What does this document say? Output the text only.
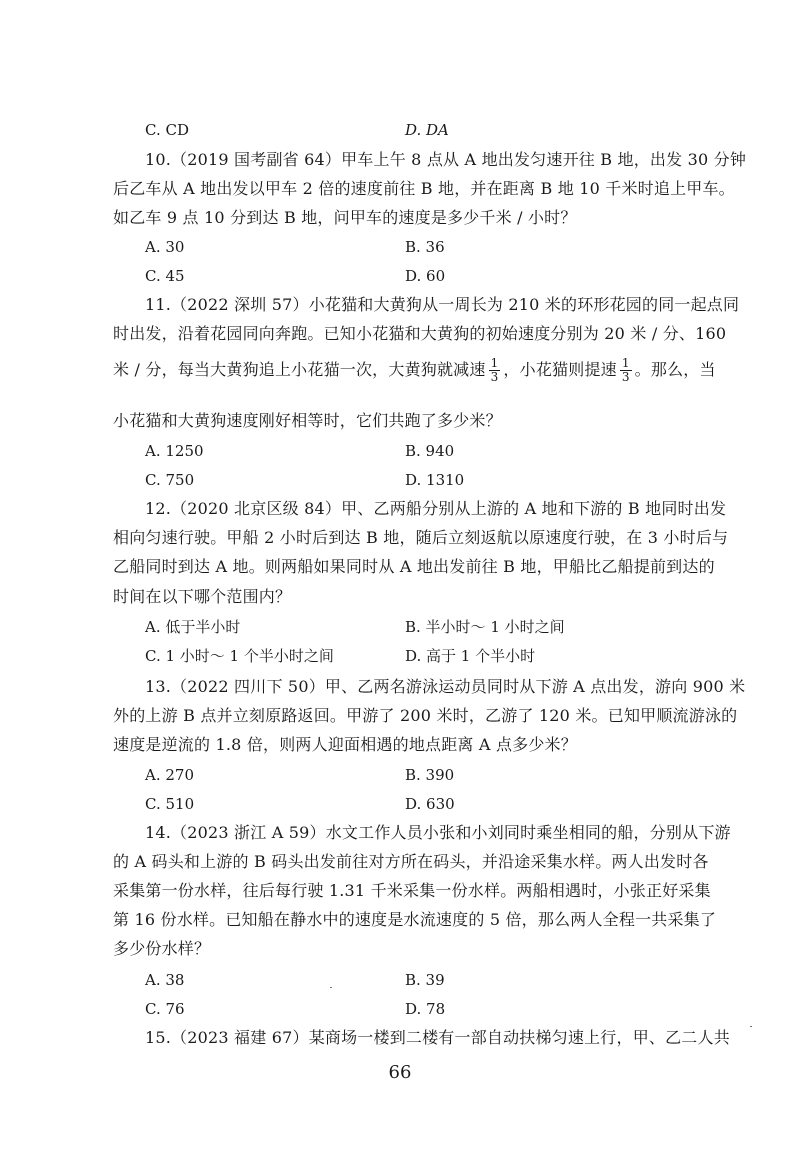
C. CD	D. DA
10.（2019 国考副省 64）甲车上午 8 点从 A 地出发匀速开往 B 地，出发 30 分钟
后乙车从 A 地出发以甲车 2 倍的速度前往 B 地，并在距离 B 地 10 千米时追上甲车。
如乙车 9 点 10 分到达 B 地，问甲车的速度是多少千米 / 小时？
A. 30	B. 36
C. 45	D. 60
11.（2022 深圳 57）小花猫和大黄狗从一周长为 210 米的环形花园的同一起点同
时出发，沿着花园同向奔跑。已知小花猫和大黄狗的初始速度分别为 20 米 / 分、160
米 / 分，每当大黄狗追上小花猫一次，大黄狗就减速 $\frac{1}{3}$ ，小花猫则提速 $\frac{1}{3}$ 。那么，当
小花猫和大黄狗速度刚好相等时，它们共跑了多少米？
A. 1250	B. 940
C. 750	D. 1310
12.（2020 北京区级 84）甲、乙两船分别从上游的 A 地和下游的 B 地同时出发
相向匀速行驶。甲船 2 小时后到达 B 地，随后立刻返航以原速度行驶，在 3 小时后与
乙船同时到达 A 地。则两船如果同时从 A 地出发前往 B 地，甲船比乙船提前到达的
时间在以下哪个范围内？
A. 低于半小时	B. 半小时～ 1 小时之间
C. 1 小时～ 1 个半小时之间	D. 高于 1 个半小时
13.（2022 四川下 50）甲、乙两名游泳运动员同时从下游 A 点出发，游向 900 米
外的上游 B 点并立刻原路返回。甲游了 200 米时，乙游了 120 米。已知甲顺流游泳的
速度是逆流的 1.8 倍，则两人迎面相遇的地点距离 A 点多少米？
A. 270	B. 390
C. 510	D. 630
14.（2023 浙江 A 59）水文工作人员小张和小刘同时乘坐相同的船，分别从下游
的 A 码头和上游的 B 码头出发前往对方所在码头，并沿途采集水样。两人出发时各
采集第一份水样，往后每行驶 1.31 千米采集一份水样。两船相遇时，小张正好采集
第 16 份水样。已知船在静水中的速度是水流速度的 5 倍，那么两人全程一共采集了
多少份水样？
A. 38	B. 39
C. 76	D. 78
15.（2023 福建 67）某商场一楼到二楼有一部自动扶梯匀速上行，甲、乙二人共
66
